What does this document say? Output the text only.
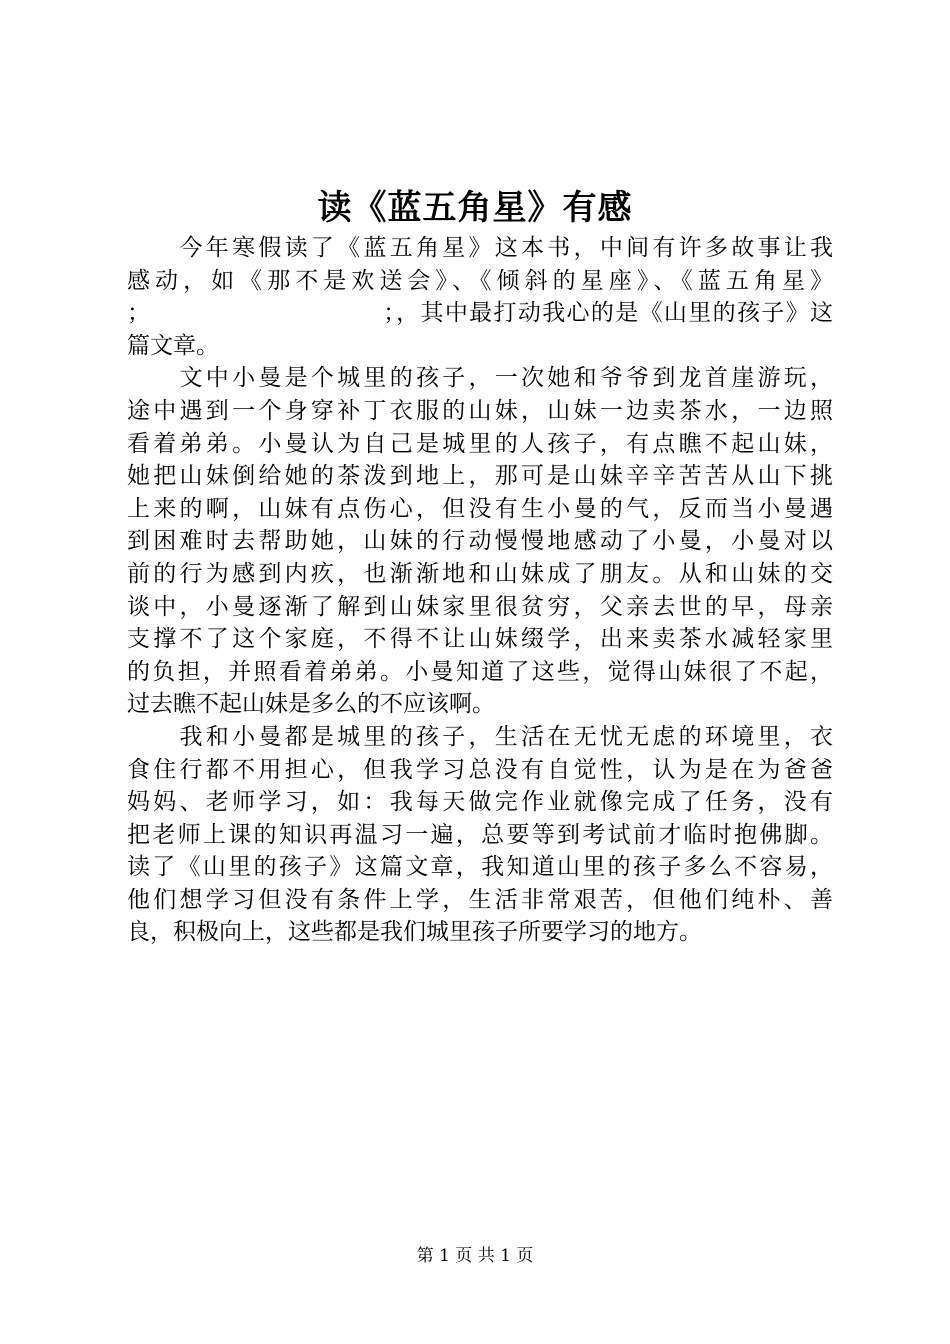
读《蓝五角星》有感
　　今年寒假读了《蓝五角星》这本书，中间有许多故事让我
感动，如《那不是欢送会》、《倾斜的星座》、《蓝五角星》
；　　　　　　　　　　；，其中最打动我心的是《山里的孩子》这
篇文章。
　　文中小曼是个城里的孩子，一次她和爷爷到龙首崖游玩，
途中遇到一个身穿补丁衣服的山妹，山妹一边卖茶水，一边照
看着弟弟。小曼认为自己是城里的人孩子，有点瞧不起山妹，
她把山妹倒给她的茶泼到地上，那可是山妹辛辛苦苦从山下挑
上来的啊，山妹有点伤心，但没有生小曼的气，反而当小曼遇
到困难时去帮助她，山妹的行动慢慢地感动了小曼，小曼对以
前的行为感到内疚，也渐渐地和山妹成了朋友。从和山妹的交
谈中，小曼逐渐了解到山妹家里很贫穷，父亲去世的早，母亲
支撑不了这个家庭，不得不让山妹缀学，出来卖茶水减轻家里
的负担，并照看着弟弟。小曼知道了这些，觉得山妹很了不起，
过去瞧不起山妹是多么的不应该啊。
　　我和小曼都是城里的孩子，生活在无忧无虑的环境里，衣
食住行都不用担心，但我学习总没有自觉性，认为是在为爸爸
妈妈、老师学习，如：我每天做完作业就像完成了任务，没有
把老师上课的知识再温习一遍，总要等到考试前才临时抱佛脚。
读了《山里的孩子》这篇文章，我知道山里的孩子多么不容易，
他们想学习但没有条件上学，生活非常艰苦，但他们纯朴、善
良，积极向上，这些都是我们城里孩子所要学习的地方。
第 1 页 共 1 页
